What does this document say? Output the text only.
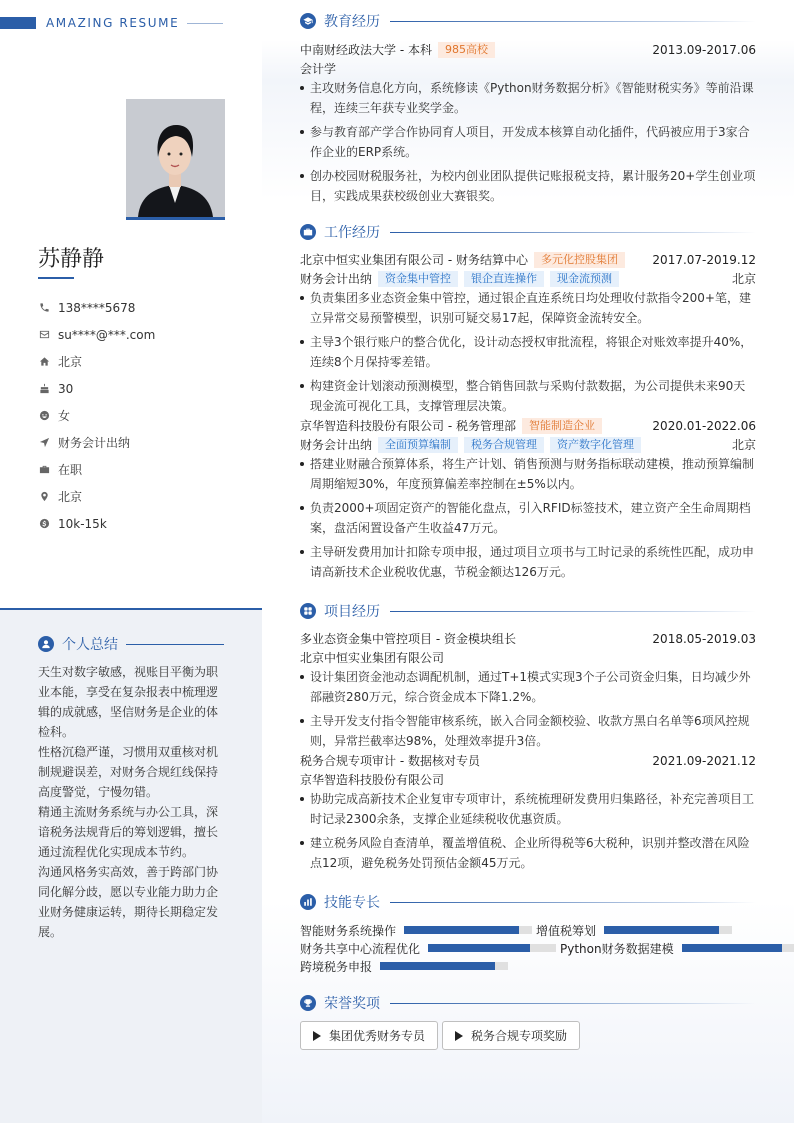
AMAZING RESUME
苏静静
138****5678
su****@***.com
北京
30
女
财务会计出纳
在职
北京
10k-15k
个人总结

天生对数字敏感，视账目平衡为职业本能，享受在复杂报表中梳理逻辑的成就感，坚信财务是企业的体检科。

性格沉稳严谨，习惯用双重核对机制规避误差，对财务合规红线保持高度警觉，宁慢勿错。

精通主流财务系统与办公工具，深谙税务法规背后的筹划逻辑，擅长通过流程优化实现成本节约。

沟通风格务实高效，善于跨部门协同化解分歧，愿以专业能力助力企业财务健康运转，期待长期稳定发展。

教育经历
中南财经政法大学 - 本科	985高校	2013.09-2017.06
会计学
主攻财务信息化方向，系统修读《Python财务数据分析》《智能财税实务》等前沿课程，连续三年获专业奖学金。
参与教育部产学合作协同育人项目，开发成本核算自动化插件，代码被应用于3家合作企业的ERP系统。
创办校园财税服务社，为校内创业团队提供记账报税支持，累计服务20+学生创业项目，实践成果获校级创业大赛银奖。
工作经历
北京中恒实业集团有限公司 - 财务结算中心	多元化控股集团	2017.07-2019.12
财务会计出纳	资金集中管控	银企直连操作	现金流预测	北京
负责集团多业态资金集中管控，通过银企直连系统日均处理收付款指令200+笔，建立异常交易预警模型，识别可疑交易17起，保障资金流转安全。
主导3个银行账户的整合优化，设计动态授权审批流程，将银企对账效率提升40%，连续8个月保持零差错。
构建资金计划滚动预测模型，整合销售回款与采购付款数据，为公司提供未来90天现金流可视化工具，支撑管理层决策。
京华智造科技股份有限公司 - 税务管理部	智能制造企业	2020.01-2022.06
财务会计出纳	全面预算编制	税务合规管理	资产数字化管理	北京
搭建业财融合预算体系，将生产计划、销售预测与财务指标联动建模，推动预算编制周期缩短30%，年度预算偏差率控制在±5%以内。
负责2000+项固定资产的智能化盘点，引入RFID标签技术，建立资产全生命周期档案，盘活闲置设备产生收益47万元。
主导研发费用加计扣除专项申报，通过项目立项书与工时记录的系统性匹配，成功申请高新技术企业税收优惠，节税金额达126万元。
项目经历
多业态资金集中管控项目 - 资金模块组长	2018.05-2019.03
北京中恒实业集团有限公司
设计集团资金池动态调配机制，通过T+1模式实现3个子公司资金归集，日均减少外部融资280万元，综合资金成本下降1.2%。
主导开发支付指令智能审核系统，嵌入合同金额校验、收款方黑白名单等6项风控规则，异常拦截率达98%，处理效率提升3倍。
税务合规专项审计 - 数据核对专员	2021.09-2021.12
京华智造科技股份有限公司
协助完成高新技术企业复审专项审计，系统梳理研发费用归集路径，补充完善项目工时记录2300余条，支撑企业延续税收优惠资质。
建立税务风险自查清单，覆盖增值税、企业所得税等6大税种，识别并整改潜在风险点12项，避免税务处罚预估金额45万元。
技能专长
智能财务系统操作	增值税筹划
财务共享中心流程优化	Python财务数据建模
跨境税务申报
荣誉奖项
集团优秀财务专员	税务合规专项奖励
